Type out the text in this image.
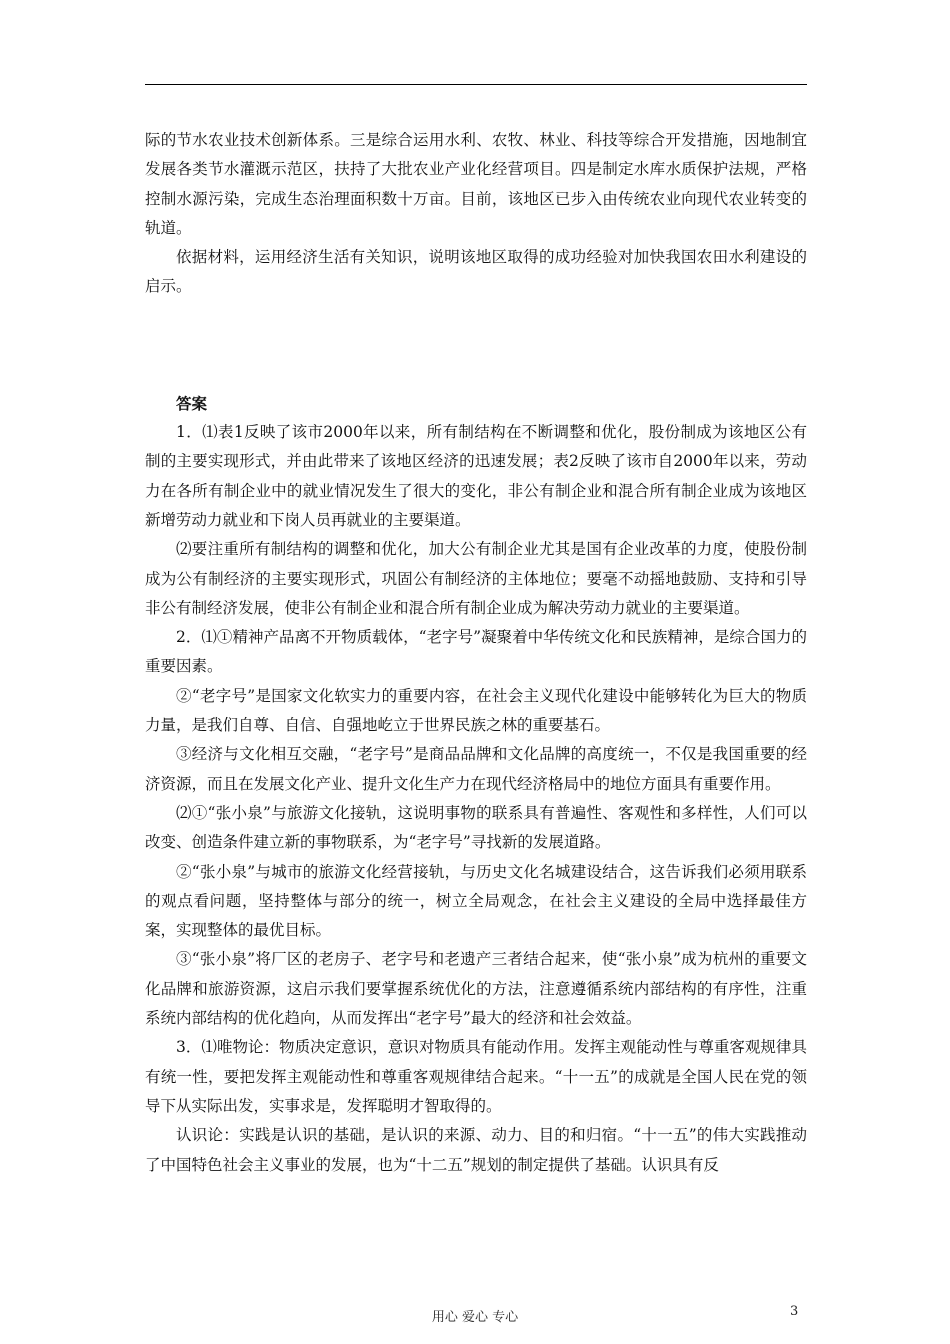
际的节水农业技术创新体系。三是综合运用水利、农牧、林业、科技等综合开发措施，因地制宜发展各类节水灌溉示范区，扶持了大批农业产业化经营项目。四是制定水库水质保护法规，严格控制水源污染，完成生态治理面积数十万亩。目前，该地区已步入由传统农业向现代农业转变的轨道。

依据材料，运用经济生活有关知识，说明该地区取得的成功经验对加快我国农田水利建设的启示。

答案

1．⑴表1反映了该市2000年以来，所有制结构在不断调整和优化，股份制成为该地区公有制的主要实现形式，并由此带来了该地区经济的迅速发展；表2反映了该市自2000年以来，劳动力在各所有制企业中的就业情况发生了很大的变化，非公有制企业和混合所有制企业成为该地区新增劳动力就业和下岗人员再就业的主要渠道。

⑵要注重所有制结构的调整和优化，加大公有制企业尤其是国有企业改革的力度，使股份制成为公有制经济的主要实现形式，巩固公有制经济的主体地位；要毫不动摇地鼓励、支持和引导非公有制经济发展，使非公有制企业和混合所有制企业成为解决劳动力就业的主要渠道。

2．⑴①精神产品离不开物质载体，“老字号”凝聚着中华传统文化和民族精神，是综合国力的重要因素。

②“老字号”是国家文化软实力的重要内容，在社会主义现代化建设中能够转化为巨大的物质力量，是我们自尊、自信、自强地屹立于世界民族之林的重要基石。

③经济与文化相互交融，“老字号”是商品品牌和文化品牌的高度统一，不仅是我国重要的经济资源，而且在发展文化产业、提升文化生产力在现代经济格局中的地位方面具有重要作用。

⑵①“张小泉”与旅游文化接轨，这说明事物的联系具有普遍性、客观性和多样性，人们可以改变、创造条件建立新的事物联系，为“老字号”寻找新的发展道路。

②“张小泉”与城市的旅游文化经营接轨，与历史文化名城建设结合，这告诉我们必须用联系的观点看问题，坚持整体与部分的统一，树立全局观念，在社会主义建设的全局中选择最佳方案，实现整体的最优目标。

③“张小泉”将厂区的老房子、老字号和老遗产三者结合起来，使“张小泉”成为杭州的重要文化品牌和旅游资源，这启示我们要掌握系统优化的方法，注意遵循系统内部结构的有序性，注重系统内部结构的优化趋向，从而发挥出“老字号”最大的经济和社会效益。

3．⑴唯物论：物质决定意识，意识对物质具有能动作用。发挥主观能动性与尊重客观规律具有统一性，要把发挥主观能动性和尊重客观规律结合起来。“十一五”的成就是全国人民在党的领导下从实际出发，实事求是，发挥聪明才智取得的。

认识论：实践是认识的基础，是认识的来源、动力、目的和归宿。“十一五”的伟大实践推动了中国特色社会主义事业的发展，也为“十二五”规划的制定提供了基础。认识具有反

用心 爱心 专心	3
